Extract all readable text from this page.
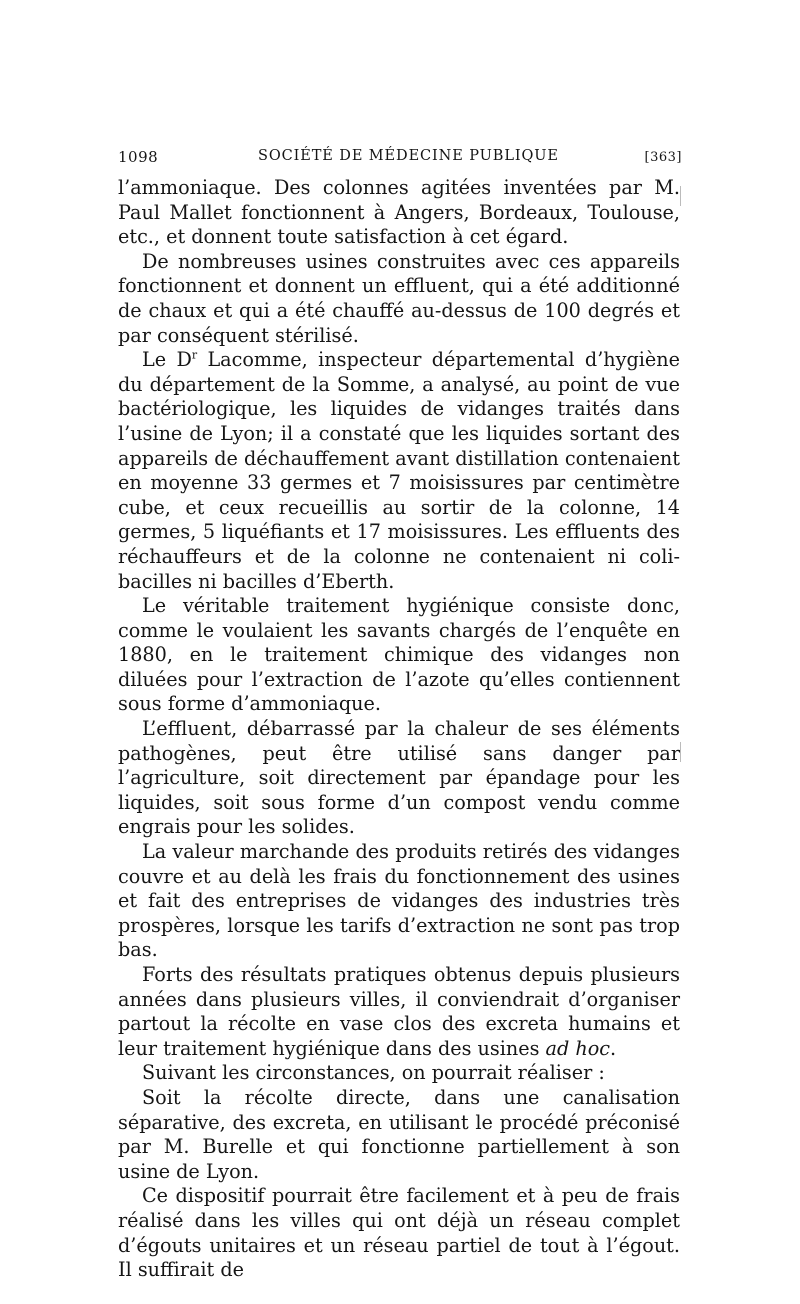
1098	SOCIÉTÉ DE MÉDECINE PUBLIQUE	[363]

l’ammoniaque. Des colonnes agitées inventées par M. Paul Mallet fonctionnent à Angers, Bordeaux, Toulouse, etc., et donnent toute satisfaction à cet égard.

De nombreuses usines construites avec ces appareils fonctionnent et donnent un effluent, qui a été additionné de chaux et qui a été chauffé au-dessus de 100 degrés et par conséquent stérilisé.

Le $D^r$ Lacomme, inspecteur départemental d’hygiène du département de la Somme, a analysé, au point de vue bactériologique, les liquides de vidanges traités dans l’usine de Lyon; il a constaté que les liquides sortant des appareils de déchauffement avant distillation contenaient en moyenne 33 germes et 7 moisissures par centimètre cube, et ceux recueillis au sortir de la colonne, 14 germes, 5 liquéfiants et 17 moisissures. Les effluents des réchauffeurs et de la colonne ne contenaient ni coli-bacilles ni bacilles d’Eberth.

Le véritable traitement hygiénique consiste donc, comme le voulaient les savants chargés de l’enquête en 1880, en le traitement chimique des vidanges non diluées pour l’extraction de l’azote qu’elles contiennent sous forme d’ammoniaque.

L’effluent, débarrassé par la chaleur de ses éléments pathogènes, peut être utilisé sans danger par l’agriculture, soit directement par épandage pour les liquides, soit sous forme d’un compost vendu comme engrais pour les solides.

La valeur marchande des produits retirés des vidanges couvre et au delà les frais du fonctionnement des usines et fait des entreprises de vidanges des industries très prospères, lorsque les tarifs d’extraction ne sont pas trop bas.

Forts des résultats pratiques obtenus depuis plusieurs années dans plusieurs villes, il conviendrait d’organiser partout la récolte en vase clos des excreta humains et leur traitement hygiénique dans des usines ad hoc.

Suivant les circonstances, on pourrait réaliser :

Soit la récolte directe, dans une canalisation séparative, des excreta, en utilisant le procédé préconisé par M. Burelle et qui fonctionne partiellement à son usine de Lyon.

Ce dispositif pourrait être facilement et à peu de frais réalisé dans les villes qui ont déjà un réseau complet d’égouts unitaires et un réseau partiel de tout à l’égout. Il suffirait de
